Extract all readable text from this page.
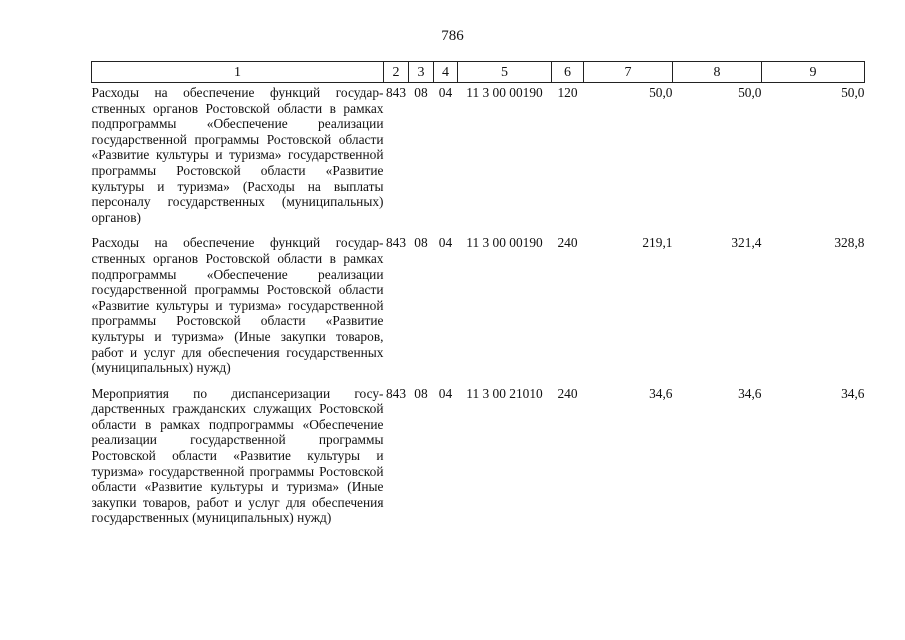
786
1	2	3	4	5	6	7	8	9
Расходы на обеспечение функций государственных органов Ростовской области в рамках подпрограммы «Обеспечение реализации государственной программы Ростовской области «Развитие культуры и туризма» государственной программы Ростовской области «Развитие культуры и туризма» (Расходы на выплаты персоналу государственных (муниципальных) органов)	843	08	04	11 3 00 00190	120	50,0	50,0	50,0
Расходы на обеспечение функций государственных органов Ростовской области в рамках подпрограммы «Обеспечение реализации государственной программы Ростовской области «Развитие культуры и туризма» государственной программы Ростовской области «Развитие культуры и туризма» (Иные закупки товаров, работ и услуг для обеспечения государственных (муниципальных) нужд)	843	08	04	11 3 00 00190	240	219,1	321,4	328,8
Мероприятия по диспансеризации государственных гражданских служащих Ростовской области в рамках подпрограммы «Обеспечение реализации государственной программы Ростовской области «Развитие культуры и туризма» государственной программы Ростовской области «Развитие культуры и туризма» (Иные закупки товаров, работ и услуг для обеспечения государственных (муниципальных) нужд)	843	08	04	11 3 00 21010	240	34,6	34,6	34,6
